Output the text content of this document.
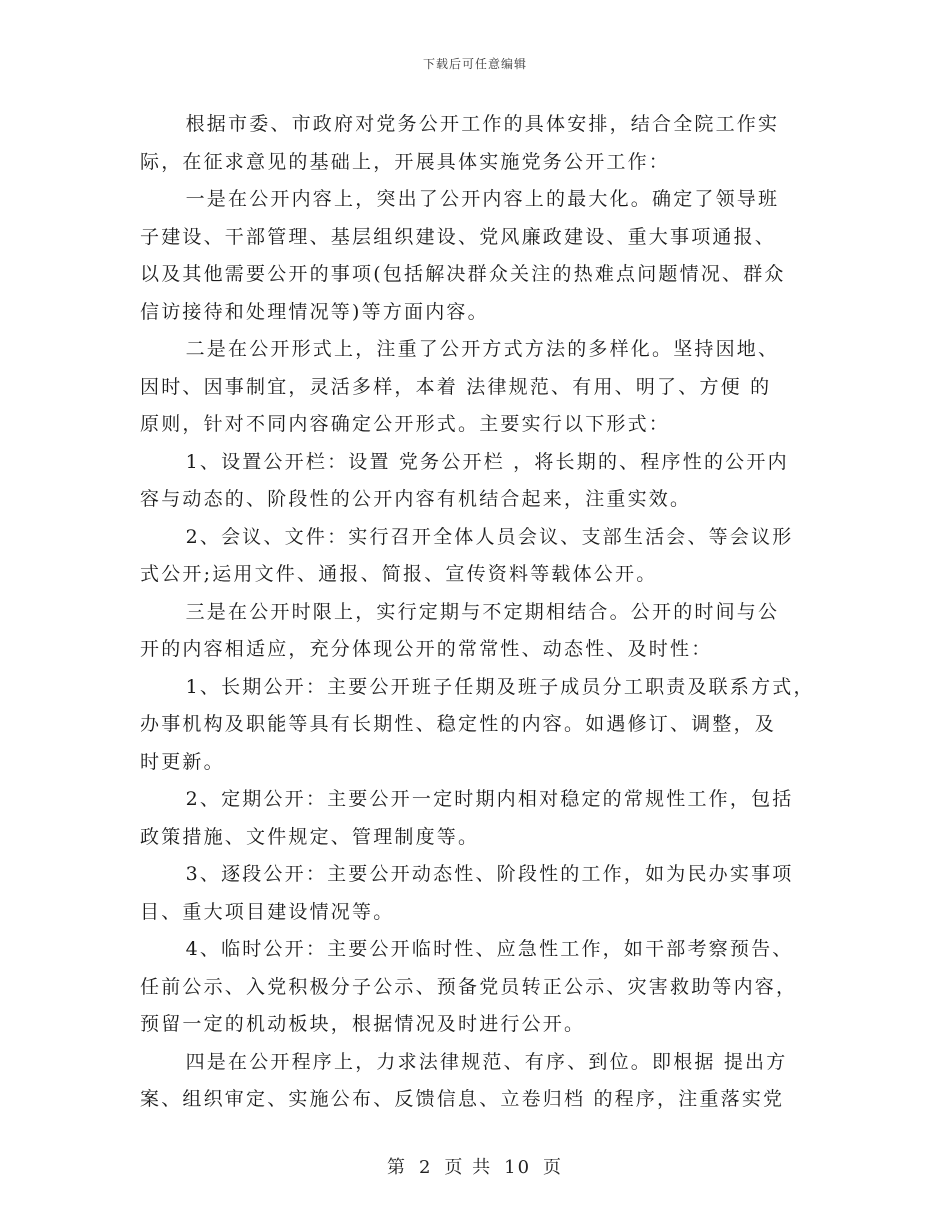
下载后可任意编辑

根据市委、市政府对党务公开工作的具体安排，结合全院工作实
际，在征求意见的基础上，开展具体实施党务公开工作：

一是在公开内容上，突出了公开内容上的最大化。确定了领导班
子建设、干部管理、基层组织建设、党风廉政建设、重大事项通报、
以及其他需要公开的事项(包括解决群众关注的热难点问题情况、群众
信访接待和处理情况等)等方面内容。

二是在公开形式上，注重了公开方式方法的多样化。坚持因地、
因时、因事制宜，灵活多样，本着 法律规范、有用、明了、方便 的
原则，针对不同内容确定公开形式。主要实行以下形式：

1、设置公开栏：设置 党务公开栏 ，将长期的、程序性的公开内
容与动态的、阶段性的公开内容有机结合起来，注重实效。

2、会议、文件：实行召开全体人员会议、支部生活会、等会议形
式公开;运用文件、通报、简报、宣传资料等载体公开。

三是在公开时限上，实行定期与不定期相结合。公开的时间与公
开的内容相适应，充分体现公开的常常性、动态性、及时性：

1、长期公开：主要公开班子任期及班子成员分工职责及联系方式，
办事机构及职能等具有长期性、稳定性的内容。如遇修订、调整，及
时更新。

2、定期公开：主要公开一定时期内相对稳定的常规性工作，包括
政策措施、文件规定、管理制度等。

3、逐段公开：主要公开动态性、阶段性的工作，如为民办实事项
目、重大项目建设情况等。

4、临时公开：主要公开临时性、应急性工作，如干部考察预告、
任前公示、入党积极分子公示、预备党员转正公示、灾害救助等内容，
预留一定的机动板块，根据情况及时进行公开。

四是在公开程序上，力求法律规范、有序、到位。即根据 提出方
案、组织审定、实施公布、反馈信息、立卷归档 的程序，注重落实党

第 2 页 共 10 页
